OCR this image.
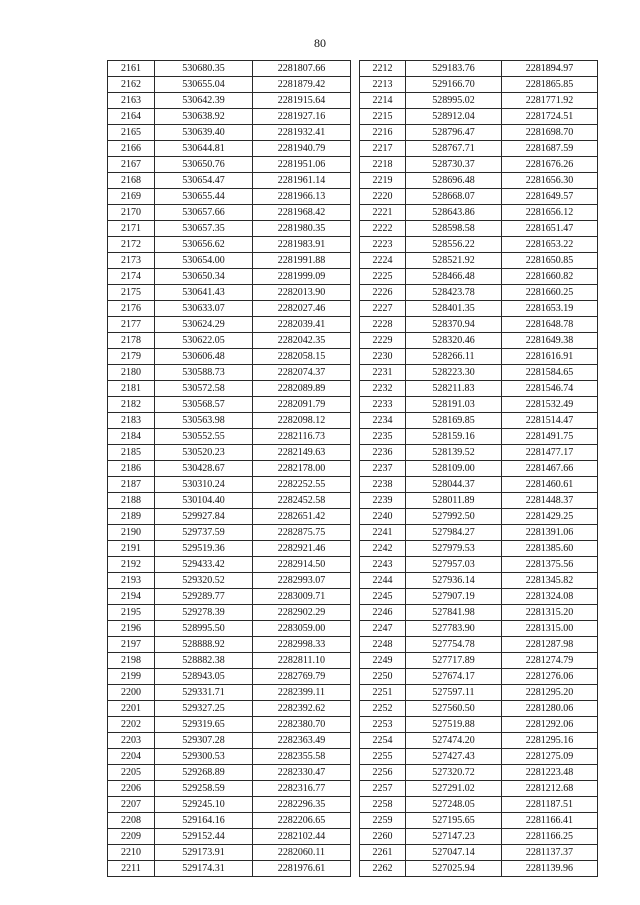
80
2161	530680.35	2281807.66
2162	530655.04	2281879.42
2163	530642.39	2281915.64
2164	530638.92	2281927.16
2165	530639.40	2281932.41
2166	530644.81	2281940.79
2167	530650.76	2281951.06
2168	530654.47	2281961.14
2169	530655.44	2281966.13
2170	530657.66	2281968.42
2171	530657.35	2281980.35
2172	530656.62	2281983.91
2173	530654.00	2281991.88
2174	530650.34	2281999.09
2175	530641.43	2282013.90
2176	530633.07	2282027.46
2177	530624.29	2282039.41
2178	530622.05	2282042.35
2179	530606.48	2282058.15
2180	530588.73	2282074.37
2181	530572.58	2282089.89
2182	530568.57	2282091.79
2183	530563.98	2282098.12
2184	530552.55	2282116.73
2185	530520.23	2282149.63
2186	530428.67	2282178.00
2187	530310.24	2282252.55
2188	530104.40	2282452.58
2189	529927.84	2282651.42
2190	529737.59	2282875.75
2191	529519.36	2282921.46
2192	529433.42	2282914.50
2193	529320.52	2282993.07
2194	529289.77	2283009.71
2195	529278.39	2282902.29
2196	528995.50	2283059.00
2197	528888.92	2282998.33
2198	528882.38	2282811.10
2199	528943.05	2282769.79
2200	529331.71	2282399.11
2201	529327.25	2282392.62
2202	529319.65	2282380.70
2203	529307.28	2282363.49
2204	529300.53	2282355.58
2205	529268.89	2282330.47
2206	529258.59	2282316.77
2207	529245.10	2282296.35
2208	529164.16	2282206.65
2209	529152.44	2282102.44
2210	529173.91	2282060.11
2211	529174.31	2281976.61
2212	529183.76	2281894.97
2213	529166.70	2281865.85
2214	528995.02	2281771.92
2215	528912.04	2281724.51
2216	528796.47	2281698.70
2217	528767.71	2281687.59
2218	528730.37	2281676.26
2219	528696.48	2281656.30
2220	528668.07	2281649.57
2221	528643.86	2281656.12
2222	528598.58	2281651.47
2223	528556.22	2281653.22
2224	528521.92	2281650.85
2225	528466.48	2281660.82
2226	528423.78	2281660.25
2227	528401.35	2281653.19
2228	528370.94	2281648.78
2229	528320.46	2281649.38
2230	528266.11	2281616.91
2231	528223.30	2281584.65
2232	528211.83	2281546.74
2233	528191.03	2281532.49
2234	528169.85	2281514.47
2235	528159.16	2281491.75
2236	528139.52	2281477.17
2237	528109.00	2281467.66
2238	528044.37	2281460.61
2239	528011.89	2281448.37
2240	527992.50	2281429.25
2241	527984.27	2281391.06
2242	527979.53	2281385.60
2243	527957.03	2281375.56
2244	527936.14	2281345.82
2245	527907.19	2281324.08
2246	527841.98	2281315.20
2247	527783.90	2281315.00
2248	527754.78	2281287.98
2249	527717.89	2281274.79
2250	527674.17	2281276.06
2251	527597.11	2281295.20
2252	527560.50	2281280.06
2253	527519.88	2281292.06
2254	527474.20	2281295.16
2255	527427.43	2281275.09
2256	527320.72	2281223.48
2257	527291.02	2281212.68
2258	527248.05	2281187.51
2259	527195.65	2281166.41
2260	527147.23	2281166.25
2261	527047.14	2281137.37
2262	527025.94	2281139.96
